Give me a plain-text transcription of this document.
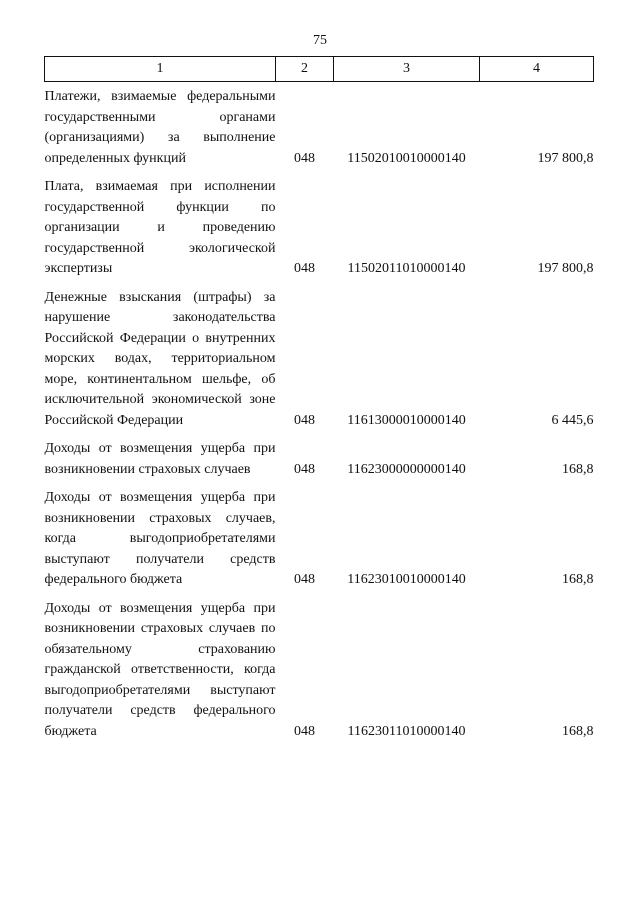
75
1	2	3	4
Платежи, взимаемые федеральными государственными органами (организациями) за выполнение определенных функций	048	11502010010000140	197 800,8
Плата, взимаемая при исполнении государственной функции по организации и проведению государственной экологической экспертизы	048	11502011010000140	197 800,8
Денежные взыскания (штрафы) за нарушение законодательства Российской Федерации о внутренних морских водах, территориальном море, континентальном шельфе, об исключительной экономической зоне Российской Федерации	048	11613000010000140	6 445,6
Доходы от возмещения ущерба при возникновении страховых случаев	048	11623000000000140	168,8
Доходы от возмещения ущерба при возникновении страховых случаев, когда выгодоприобретателями выступают получатели средств федерального бюджета	048	11623010010000140	168,8
Доходы от возмещения ущерба при возникновении страховых случаев по обязательному страхованию гражданской ответственности, когда выгодоприобретателями выступают получатели средств федерального бюджета	048	11623011010000140	168,8
